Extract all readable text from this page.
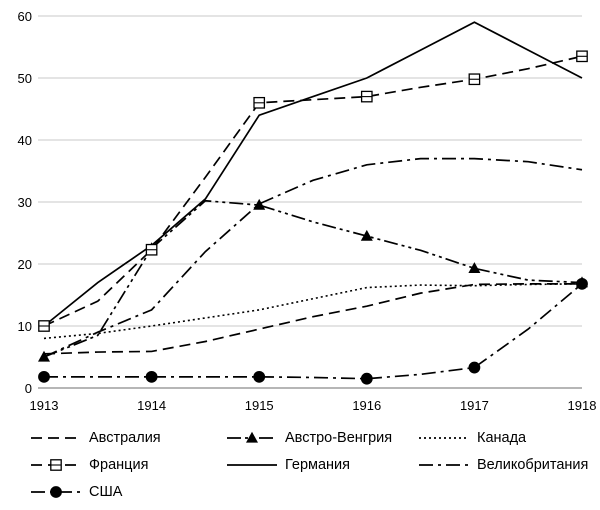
0
10
20
30
40
50
60
1913	1914	1915	1916	1917	1918
Австралия	Австро-Венгрия	Канада
Франция	Германия	Великобритания
США
